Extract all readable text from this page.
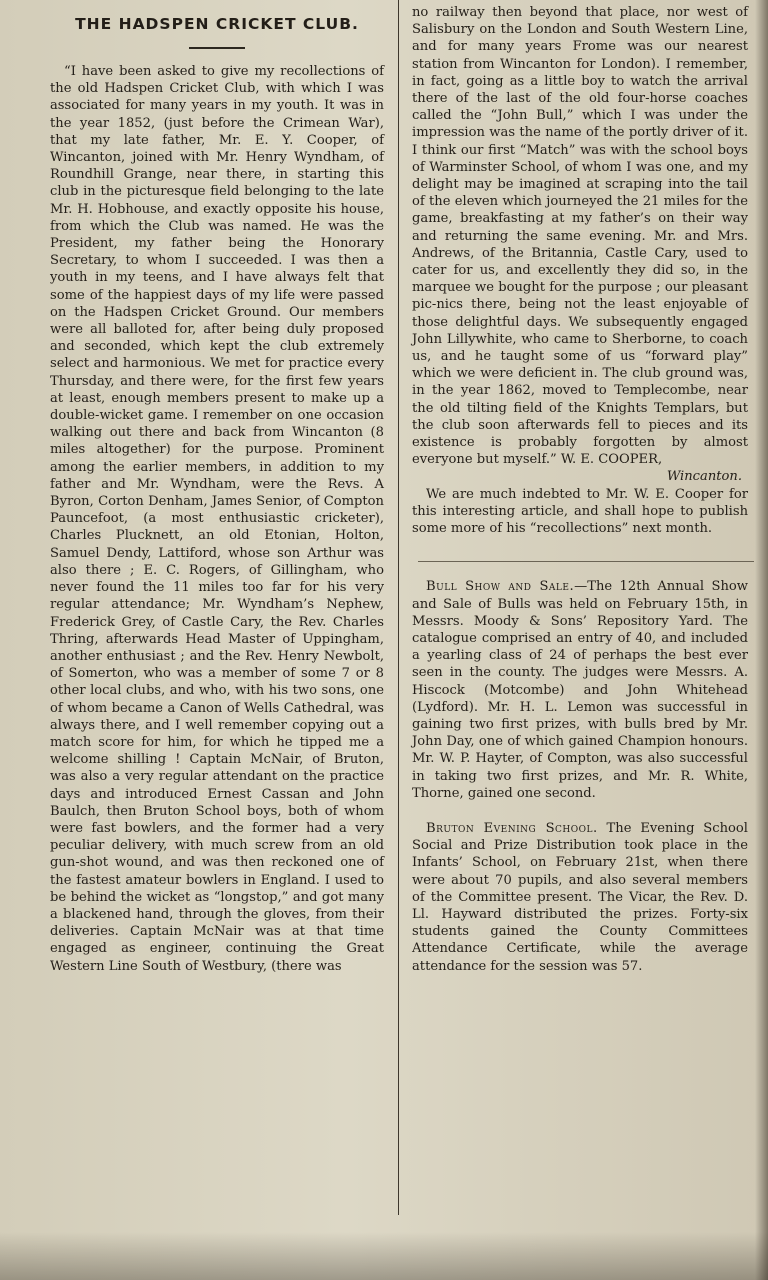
THE HADSPEN CRICKET CLUB.

“I have been asked to give my recollections of the old Hadspen Cricket Club, with which I was associated for many years in my youth. It was in the year 1852, (just before the Crimean War), that my late father, Mr. E. Y. Cooper, of Wincanton, joined with Mr. Henry Wyndham, of Roundhill Grange, near there, in starting this club in the picturesque field belonging to the late Mr. H. Hobhouse, and exactly opposite his house, from which the Club was named. He was the President, my father being the Honorary Secretary, to whom I succeeded. I was then a youth in my teens, and I have always felt that some of the happiest days of my life were passed on the Hadspen Cricket Ground. Our members were all balloted for, after being duly proposed and seconded, which kept the club extremely select and harmonious. We met for practice every Thursday, and there were, for the first few years at least, enough members present to make up a double-wicket game. I remember on one occasion walking out there and back from Wincanton (8 miles altogether) for the purpose. Prominent among the earlier members, in addition to my father and Mr. Wyndham, were the Revs. A Byron, Corton Denham, James Senior, of Compton Pauncefoot, (a most enthusiastic cricketer), Charles Plucknett, an old Etonian, Holton, Samuel Dendy, Lattiford, whose son Arthur was also there ; E. C. Rogers, of Gillingham, who never found the 11 miles too far for his very regular attendance; Mr. Wyndham’s Nephew, Frederick Grey, of Castle Cary, the Rev. Charles Thring, afterwards Head Master of Uppingham, another enthusiast ; and the Rev. Henry Newbolt, of Somerton, who was a member of some 7 or 8 other local clubs, and who, with his two sons, one of whom became a Canon of Wells Cathedral, was always there, and I well remember copying out a match score for him, for which he tipped me a welcome shilling ! Captain McNair, of Bruton, was also a very regular attendant on the practice days and introduced Ernest Cassan and John Baulch, then Bruton School boys, both of whom were fast bowlers, and the former had a very peculiar delivery, with much screw from an old gun-shot wound, and was then reckoned one of the fastest amateur bowlers in England. I used to be behind the wicket as “longstop,” and got many a blackened hand, through the gloves, from their deliveries. Captain McNair was at that time engaged as engineer, continuing the Great Western Line South of Westbury, (there was

no railway then beyond that place, nor west of Salisbury on the London and South Western Line, and for many years Frome was our nearest station from Wincanton for London). I remember, in fact, going as a little boy to watch the arrival there of the last of the old four-horse coaches called the “John Bull,” which I was under the impression was the name of the portly driver of it. I think our first “Match” was with the school boys of Warminster School, of whom I was one, and my delight may be imagined at scraping into the tail of the eleven which journeyed the 21 miles for the game, breakfasting at my father’s on their way and returning the same evening. Mr. and Mrs. Andrews, of the Britannia, Castle Cary, used to cater for us, and excellently they did so, in the marquee we bought for the purpose ; our pleasant pic-nics there, being not the least enjoyable of those delightful days. We subsequently engaged John Lillywhite, who came to Sherborne, to coach us, and he taught some of us “forward play” which we were deficient in. The club ground was, in the year 1862, moved to Templecombe, near the old tilting field of the Knights Templars, but the club soon afterwards fell to pieces and its existence is probably forgotten by almost everyone but myself.” W. E. COOPER,

Wincanton.

We are much indebted to Mr. W. E. Cooper for this interesting article, and shall hope to publish some more of his “recollections” next month.

Bull Show and Sale.—The 12th Annual Show and Sale of Bulls was held on February 15th, in Messrs. Moody & Sons’ Repository Yard. The catalogue comprised an entry of 40, and included a yearling class of 24 of perhaps the best ever seen in the county. The judges were Messrs. A. Hiscock (Motcombe) and John Whitehead (Lydford). Mr. H. L. Lemon was successful in gaining two first prizes, with bulls bred by Mr. John Day, one of which gained Champion honours. Mr. W. P. Hayter, of Compton, was also successful in taking two first prizes, and Mr. R. White, Thorne, gained one second.

Bruton Evening School. The Evening School Social and Prize Distribution took place in the Infants’ School, on February 21st, when there were about 70 pupils, and also several members of the Committee present. The Vicar, the Rev. D. Ll. Hayward distributed the prizes. Forty-six students gained the County Committees Attendance Certificate, while the average attendance for the session was 57.
